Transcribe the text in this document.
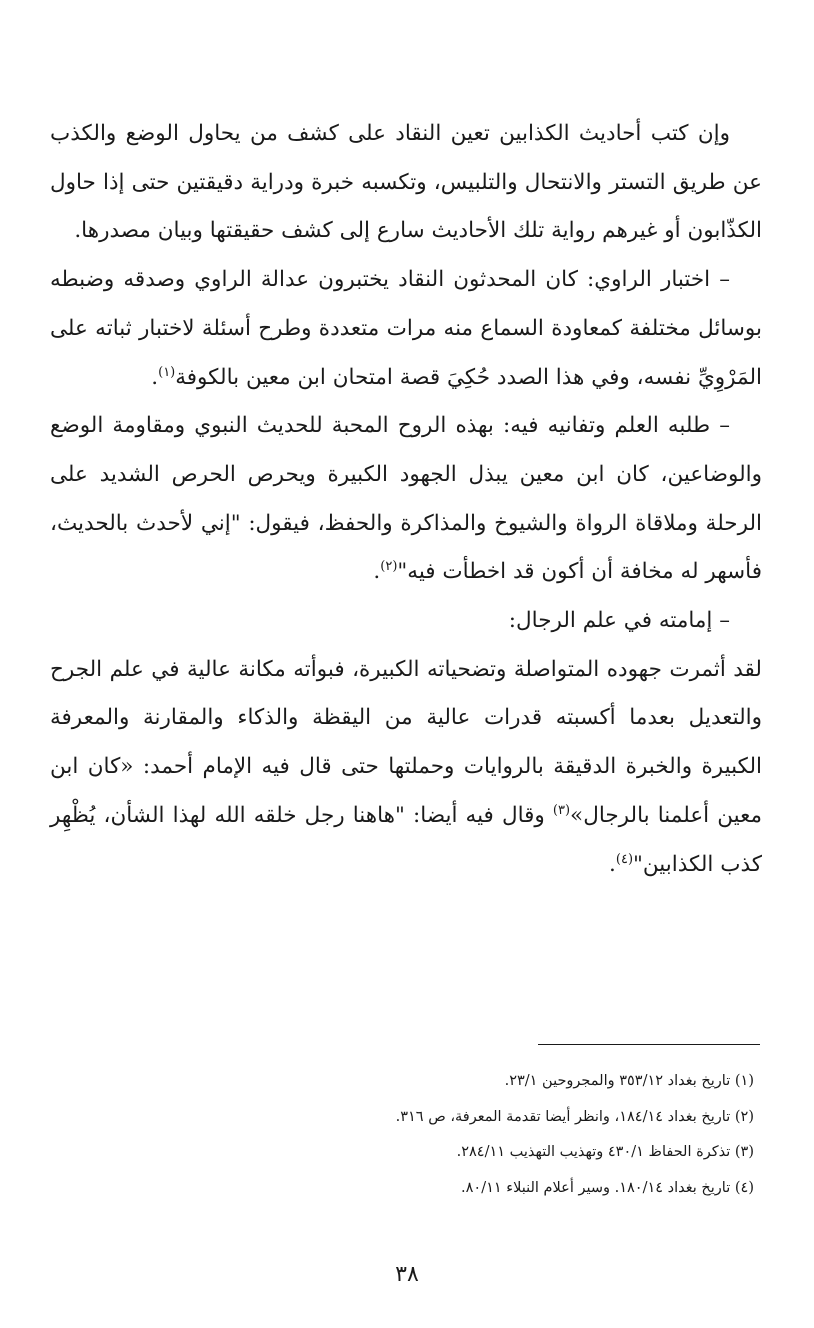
وإن كتب أحاديث الكذابين تعين النقاد على كشف من يحاول الوضع والكذب عن طريق التستر والانتحال والتلبيس، وتكسبه خبرة ودراية دقيقتين حتى إذا حاول الكذّابون أو غيرهم رواية تلك الأحاديث سارع إلى كشف حقيقتها وبيان مصدرها.

– اختبار الراوي: كان المحدثون النقاد يختبرون عدالة الراوي وصدقه وضبطه بوسائل مختلفة كمعاودة السماع منه مرات متعددة وطرح أسئلة لاختبار ثباته على المَرْوِيِّ نفسه، وفي هذا الصدد حُكِيَ قصة امتحان ابن معين بالكوفة$^{(١)}$.

– طلبه العلم وتفانيه فيه: بهذه الروح المحبة للحديث النبوي ومقاومة الوضع والوضاعين، كان ابن معين يبذل الجهود الكبيرة ويحرص الحرص الشديد على الرحلة وملاقاة الرواة والشيوخ والمذاكرة والحفظ، فيقول: "إني لأحدث بالحديث، فأسهر له مخافة أن أكون قد اخطأت فيه"$^{(٢)}$.

– إمامته في علم الرجال:

لقد أثمرت جهوده المتواصلة وتضحياته الكبيرة، فبوأته مكانة عالية في علم الجرح والتعديل بعدما أكسبته قدرات عالية من اليقظة والذكاء والمقارنة والمعرفة الكبيرة والخبرة الدقيقة بالروايات وحملتها حتى قال فيه الإمام أحمد: «كان ابن معين أعلمنا بالرجال»$^{(٣)}$ وقال فيه أيضا: "هاهنا رجل خلقه الله لهذا الشأن، يُظْهِر كذب الكذابين"$^{(٤)}$.

(١) تاريخ بغداد ٣٥٣/١٢ والمجروحين ٢٣/١.
(٢) تاريخ بغداد ١٨٤/١٤، وانظر أيضا تقدمة المعرفة، ص ٣١٦.
(٣) تذكرة الحفاظ ٤٣٠/١ وتهذيب التهذيب ٢٨٤/١١.
(٤) تاريخ بغداد ١٨٠/١٤. وسير أعلام النبلاء ٨٠/١١.
٣٨
